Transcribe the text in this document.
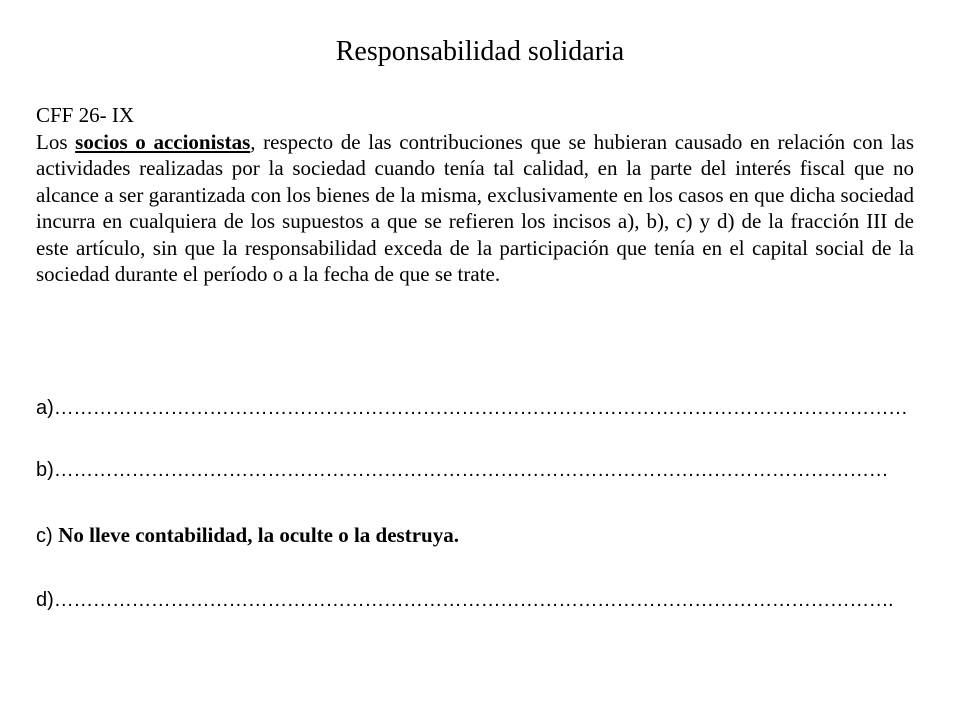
Responsabilidad solidaria

CFF 26- IX

Los socios o accionistas, respecto de las contribuciones que se hubieran causado en relación con las actividades realizadas por la sociedad cuando tenía tal calidad, en la parte del interés fiscal que no alcance a ser garantizada con los bienes de la misma, exclusivamente en los casos en que dicha sociedad incurra en cualquiera de los supuestos a que se refieren los incisos a), b), c) y d) de la fracción III de este artículo, sin que la responsabilidad exceda de la participación que tenía en el capital social de la sociedad durante el período o a la fecha de que se trate.

a)……………………………………………………………………………………………………………………
b)…………………………………………………………………………………………………………………
c) No lleve contabilidad, la oculte o la destruya.
d)………………………………………………………………………………………………………………….
